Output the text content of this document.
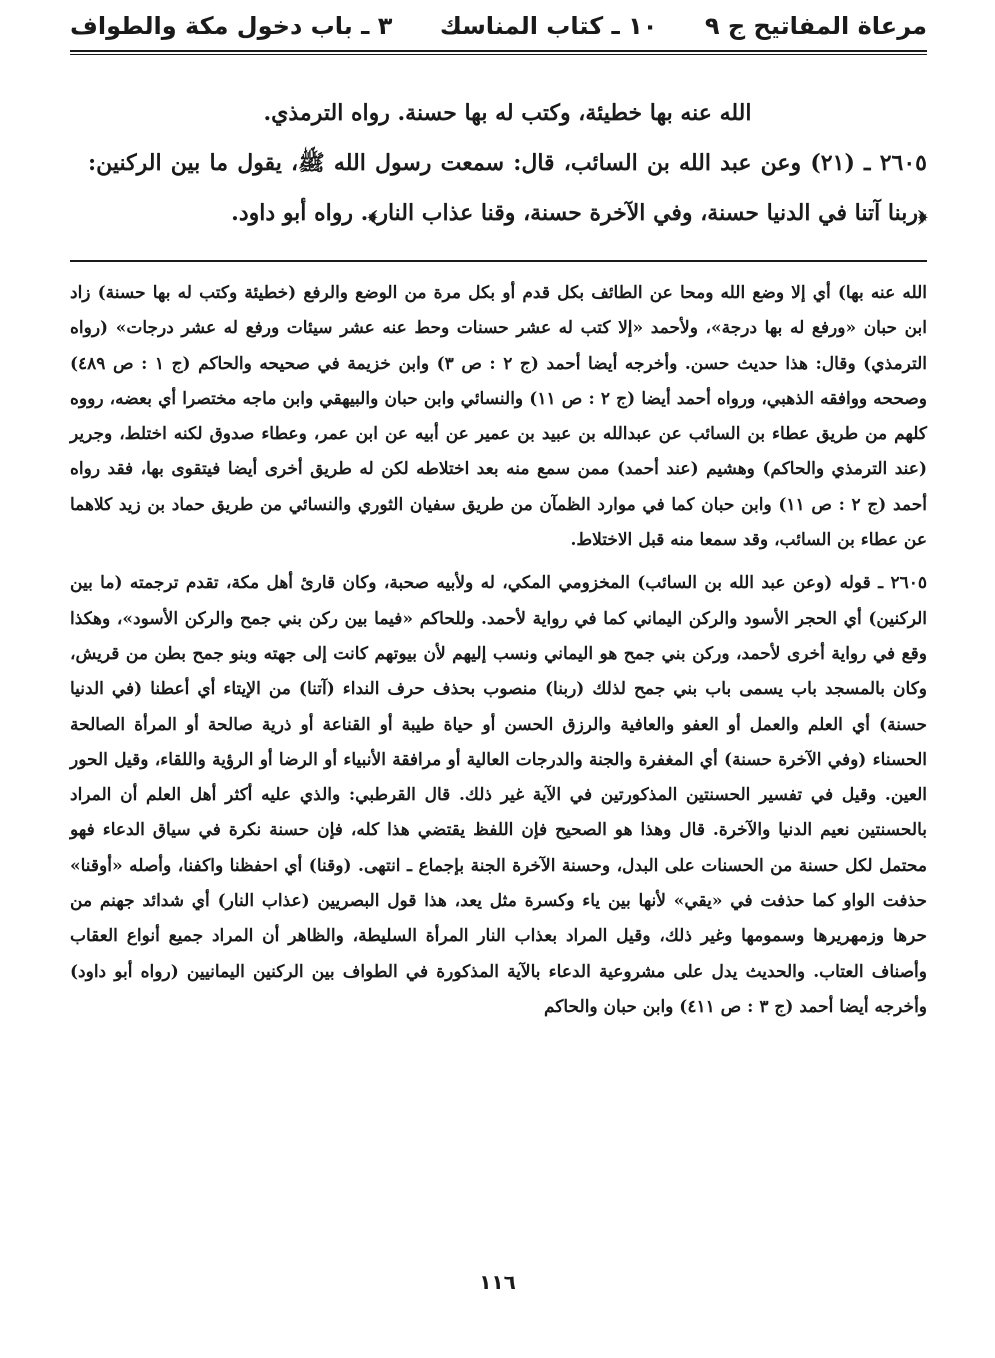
مرعاة المفاتيح ج ٩
١٠ ـ كتاب المناسك
٣ ـ باب دخول مكة والطواف

الله عنه بها خطيئة، وكتب له بها حسنة. رواه الترمذي.

٢٦٠٥ ـ (٢١) وعن عبد الله بن السائب، قال: سمعت رسول الله ﷺ، يقول ما بين الركنين: ﴿ربنا آتنا في الدنيا حسنة، وفي الآخرة حسنة، وقنا عذاب النار﴾. رواه أبو داود.

الله عنه بها) أي إلا وضع الله ومحا عن الطائف بكل قدم أو بكل مرة من الوضع والرفع (خطيئة وكتب له بها حسنة) زاد ابن حبان «ورفع له بها درجة»، ولأحمد «إلا كتب له عشر حسنات وحط عنه عشر سيئات ورفع له عشر درجات» (رواه الترمذي) وقال: هذا حديث حسن. وأخرجه أيضا أحمد (ج ٢ : ص ٣) وابن خزيمة في صحيحه والحاكم (ج ١ : ص ٤٨٩) وصححه ووافقه الذهبي، ورواه أحمد أيضا (ج ٢ : ص ١١) والنسائي وابن حبان والبيهقي وابن ماجه مختصرا أي بعضه، رووه كلهم من طريق عطاء بن السائب عن عبدالله بن عبيد بن عمير عن أبيه عن ابن عمر، وعطاء صدوق لكنه اختلط، وجرير (عند الترمذي والحاكم) وهشيم (عند أحمد) ممن سمع منه بعد اختلاطه لكن له طريق أخرى أيضا فيتقوى بها، فقد رواه أحمد (ج ٢ : ص ١١) وابن حبان كما في موارد الظمآن من طريق سفيان الثوري والنسائي من طريق حماد بن زيد كلاهما عن عطاء بن السائب، وقد سمعا منه قبل الاختلاط.

٢٦٠٥ ـ قوله (وعن عبد الله بن السائب) المخزومي المكي، له ولأبيه صحبة، وكان قارئ أهل مكة، تقدم ترجمته (ما بين الركنين) أي الحجر الأسود والركن اليماني كما في رواية لأحمد. وللحاكم «فيما بين ركن بني جمح والركن الأسود»، وهكذا وقع في رواية أخرى لأحمد، وركن بني جمح هو اليماني ونسب إليهم لأن بيوتهم كانت إلى جهته وبنو جمح بطن من قريش، وكان بالمسجد باب يسمى باب بني جمح لذلك (ربنا) منصوب بحذف حرف النداء (آتنا) من الإيتاء أي أعطنا (في الدنيا حسنة) أي العلم والعمل أو العفو والعافية والرزق الحسن أو حياة طيبة أو القناعة أو ذرية صالحة أو المرأة الصالحة الحسناء (وفي الآخرة حسنة) أي المغفرة والجنة والدرجات العالية أو مرافقة الأنبياء أو الرضا أو الرؤية واللقاء، وقيل الحور العين. وقيل في تفسير الحسنتين المذكورتين في الآية غير ذلك. قال القرطبي: والذي عليه أكثر أهل العلم أن المراد بالحسنتين نعيم الدنيا والآخرة. قال وهذا هو الصحيح فإن اللفظ يقتضي هذا كله، فإن حسنة نكرة في سياق الدعاء فهو محتمل لكل حسنة من الحسنات على البدل، وحسنة الآخرة الجنة بإجماع ـ انتهى. (وقنا) أي احفظنا واكفنا، وأصله «أوقنا» حذفت الواو كما حذفت في «يقي» لأنها بين ياء وكسرة مثل يعد، هذا قول البصريين (عذاب النار) أي شدائد جهنم من حرها وزمهريرها وسمومها وغير ذلك، وقيل المراد بعذاب النار المرأة السليطة، والظاهر أن المراد جميع أنواع العقاب وأصناف العتاب. والحديث يدل على مشروعية الدعاء بالآية المذكورة في الطواف بين الركنين اليمانيين (رواه أبو داود) وأخرجه أيضا أحمد (ج ٣ : ص ٤١١) وابن حبان والحاكم

١١٦
